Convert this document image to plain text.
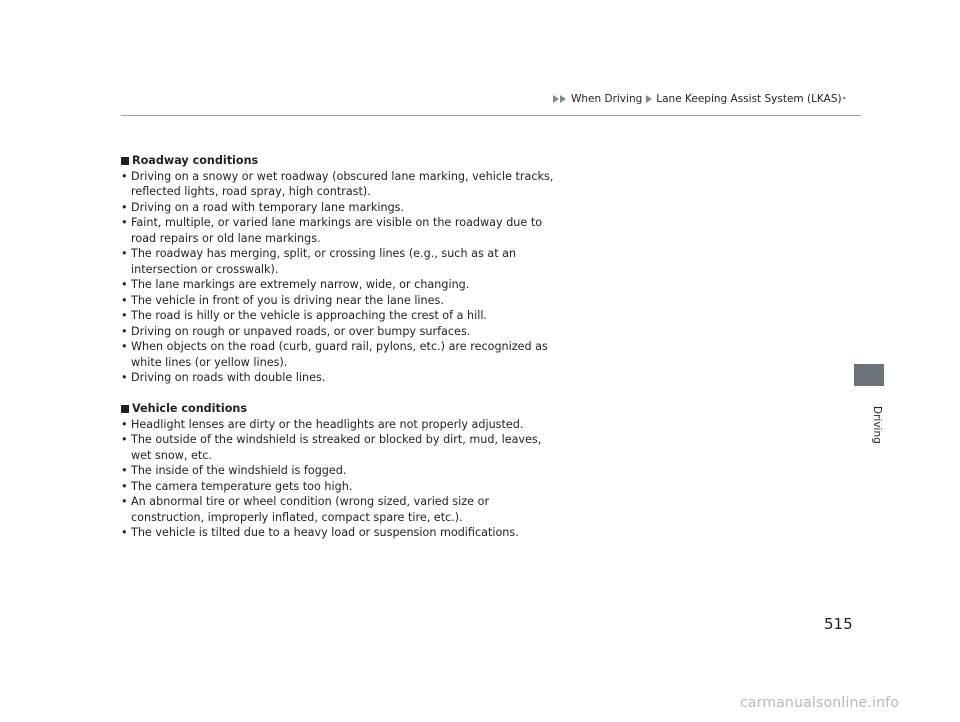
When Driving Lane Keeping Assist System (LKAS) *
Driving
Roadway conditions
• Driving on a snowy or wet roadway (obscured lane marking, vehicle tracks, reflected lights, road spray, high contrast).
• Driving on a road with temporary lane markings.
• Faint, multiple, or varied lane markings are visible on the roadway due to road repairs or old lane markings.
• The roadway has merging, split, or crossing lines (e.g., such as at an intersection or crosswalk).
• The lane markings are extremely narrow, wide, or changing.
• The vehicle in front of you is driving near the lane lines.
• The road is hilly or the vehicle is approaching the crest of a hill.
• Driving on rough or unpaved roads, or over bumpy surfaces.
• When objects on the road (curb, guard rail, pylons, etc.) are recognized as white lines (or yellow lines).
• Driving on roads with double lines.
Vehicle conditions
• Headlight lenses are dirty or the headlights are not properly adjusted.
• The outside of the windshield is streaked or blocked by dirt, mud, leaves, wet snow, etc.
• The inside of the windshield is fogged.
• The camera temperature gets too high.
• An abnormal tire or wheel condition (wrong sized, varied size or construction, improperly inflated, compact spare tire, etc.).
• The vehicle is tilted due to a heavy load or suspension modifications.
515
carmanualsonline.info
